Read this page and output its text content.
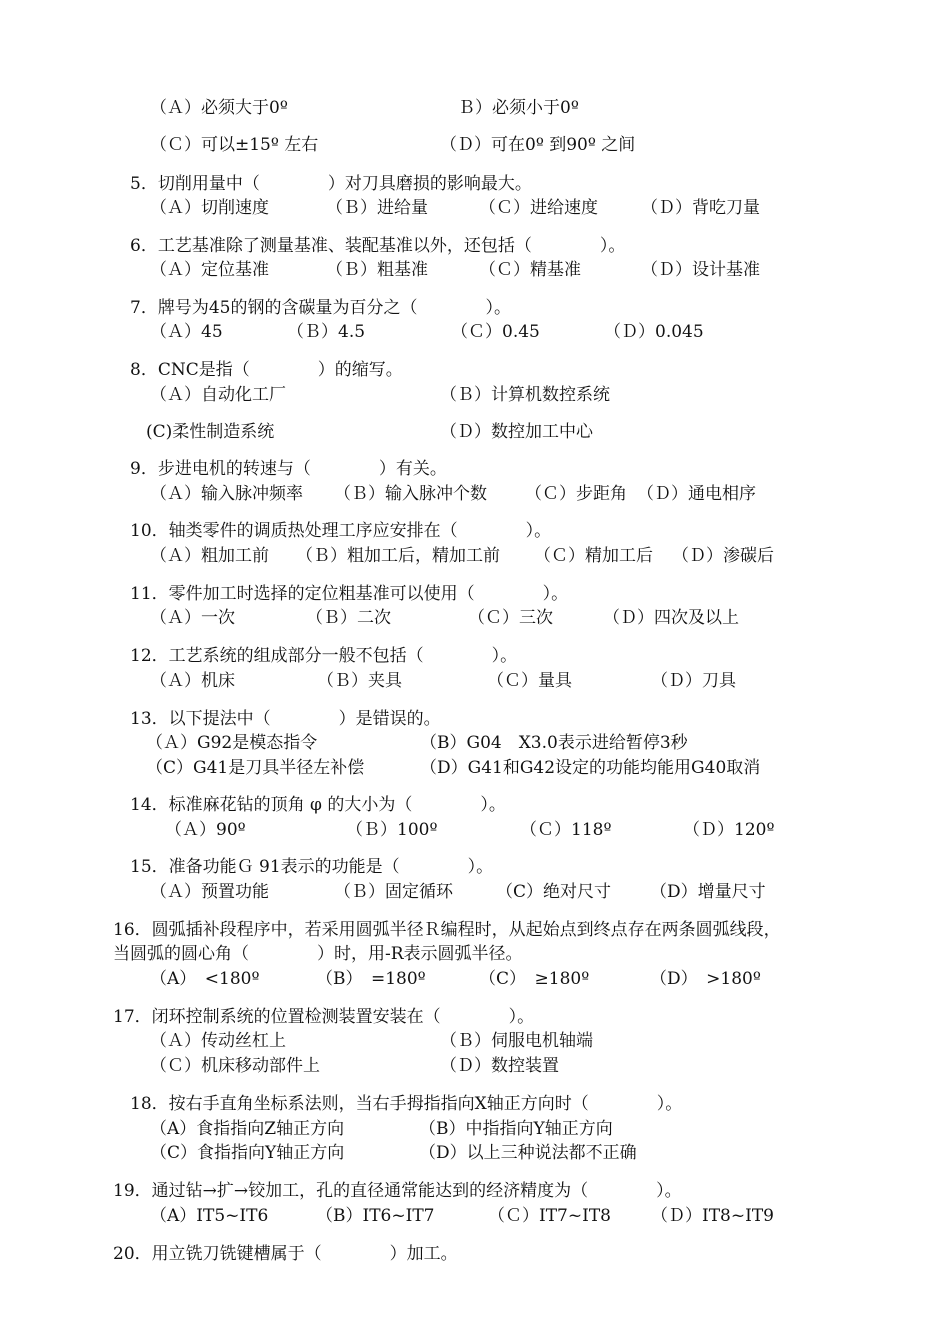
（Ａ）必须大于0º	Ｂ）必须小于0º
（Ｃ）可以±15º 左右	（Ｄ）可在0º 到90º 之间
5．切削用量中（　　　　）对刀具磨损的影响最大。
（Ａ）切削速度	（Ｂ）进给量	（Ｃ）进给速度	（Ｄ）背吃刀量
6．工艺基准除了测量基准、装配基准以外，还包括（　　　　）。
（Ａ）定位基准	（Ｂ）粗基准	（Ｃ）精基准	（Ｄ）设计基准
7．牌号为45的钢的含碳量为百分之（　　　　）。
（Ａ）45	（Ｂ）4.5	（Ｃ）0.45	（Ｄ）0.045
8．CNC是指（　　　　）的缩写。
（Ａ）自动化工厂	（Ｂ）计算机数控系统
(C)柔性制造系统	（Ｄ）数控加工中心
9．步进电机的转速与（　　　　）有关。
（Ａ）输入脉冲频率 （Ｂ）输入脉冲个数 （Ｃ）步距角 （Ｄ）通电相序
10．轴类零件的调质热处理工序应安排在（　　　　）。
（Ａ）粗加工前 （Ｂ）粗加工后，精加工前 （Ｃ）精加工后 （Ｄ）渗碳后
11．零件加工时选择的定位粗基准可以使用（　　　　）。
（Ａ）一次	（Ｂ）二次	（Ｃ）三次	（Ｄ）四次及以上
12．工艺系统的组成部分一般不包括（　　　　）。
（Ａ）机床	（Ｂ）夹具	（Ｃ）量具	（Ｄ）刀具
13．以下提法中（　　　　）是错误的。
（Ａ）G92是模态指令	（B）G04　X3.0表示进给暂停3秒
（C）G41是刀具半径左补偿	（D）G41和G42设定的功能均能用G40取消
14．标准麻花钻的顶角 φ 的大小为（　　　　）。
（Ａ）90º	（Ｂ）100º	（Ｃ）118º	（Ｄ）120º
15．准备功能Ｇ 91表示的功能是（　　　　）。
（Ａ）预置功能	（Ｂ）固定循环	（C）绝对尺寸 （D）增量尺寸
16．圆弧插补段程序中，若采用圆弧半径Ｒ编程时，从起始点到终点存在两条圆弧线段，
当圆弧的圆心角（　　　　）时，用-R表示圆弧半径。
（A）　<180º	（B）　=180º	（C）　≥180º	（D）　>180º
17．闭环控制系统的位置检测装置安装在（　　　　）。
（Ａ）传动丝杠上	（Ｂ）伺服电机轴端
（Ｃ）机床移动部件上	（Ｄ）数控装置
18．按右手直角坐标系法则，当右手拇指指向X轴正方向时（　　　　）。
（A）食指指向Z轴正方向	（B）中指指向Y轴正方向
（C）食指指向Y轴正方向	（D）以上三种说法都不正确
19．通过钻→扩→铰加工，孔的直径通常能达到的经济精度为（　　　　）。
（A）IT5~IT6	（B）IT6~IT7	（Ｃ）IT7~IT8 （Ｄ）IT8~IT9
20．用立铣刀铣键槽属于（　　　　）加工。
